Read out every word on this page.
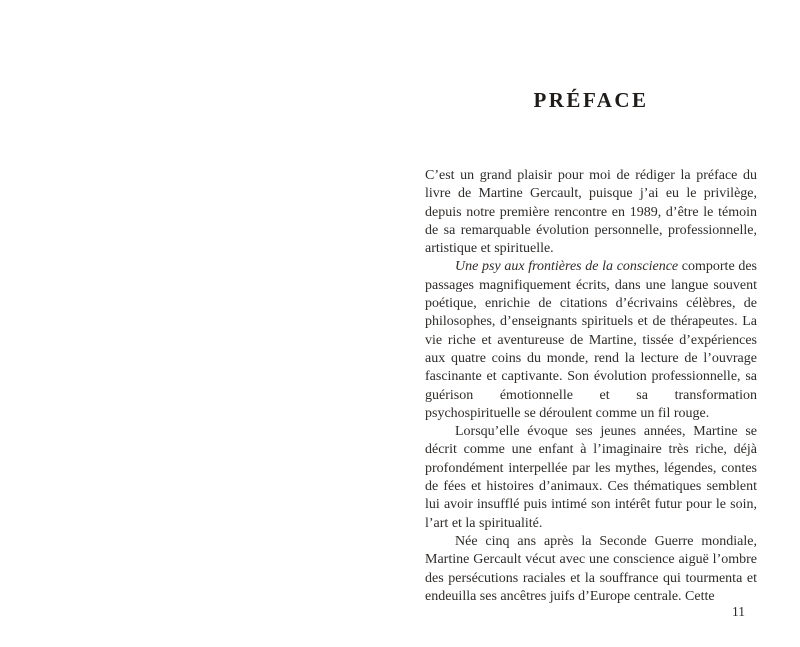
PRÉFACE

C’est un grand plaisir pour moi de rédiger la préface du livre de Martine Gercault, puisque j’ai eu le privilège, depuis notre première rencontre en 1989, d’être le témoin de sa remarquable évolution personnelle, professionnelle, artistique et spirituelle.

Une psy aux frontières de la conscience comporte des passages magnifiquement écrits, dans une langue souvent poétique, enrichie de citations d’écrivains célèbres, de philosophes, d’enseignants spirituels et de thérapeutes. La vie riche et aventureuse de Martine, tissée d’expériences aux quatre coins du monde, rend la lecture de l’ouvrage fascinante et captivante. Son évolution professionnelle, sa guérison émotionnelle et sa transformation psychospirituelle se déroulent comme un fil rouge.

Lorsqu’elle évoque ses jeunes années, Martine se décrit comme une enfant à l’imaginaire très riche, déjà profondément interpellée par les mythes, légendes, contes de fées et histoires d’animaux. Ces thématiques semblent lui avoir insufflé puis intimé son intérêt futur pour le soin, l’art et la spiritualité.

Née cinq ans après la Seconde Guerre mondiale, Martine Gercault vécut avec une conscience aiguë l’ombre des persécutions raciales et la souffrance qui tourmenta et endeuilla ses ancêtres juifs d’Europe centrale. Cette

11
